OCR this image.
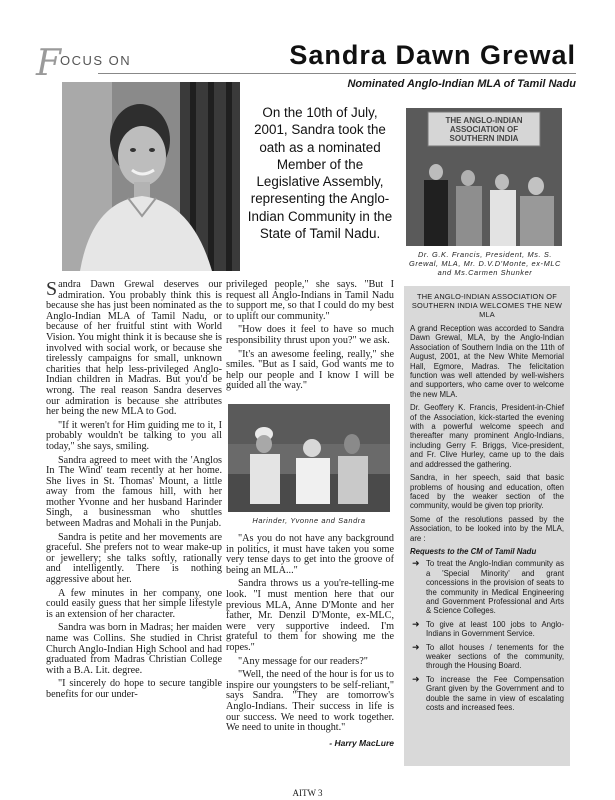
F OCUS ON	Sandra Dawn Grewal
Nominated Anglo-Indian MLA of Tamil Nadu
On the 10th of July, 2001, Sandra took the oath as a nominated Member of the Legislative Assembly, representing the Anglo-Indian Community in the State of Tamil Nadu.
THE ANGLO-INDIAN ASSOCIATION OF SOUTHERN INDIA
Dr. G.K. Francis, President, Ms. S. Grewal, MLA, Mr. D.V.D'Monte, ex-MLC and Ms.Carmen Shunker

Sandra Dawn Grewal deserves our admiration. You probably think this is because she has just been nominated as the Anglo-Indian MLA of Tamil Nadu, or because of her fruitful stint with World Vision. You might think it is because she is involved with social work, or because she tirelessly campaigns for small, unknown charities that help less-privileged Anglo-Indian children in Madras. But you'd be wrong. The real reason Sandra deserves our admiration is because she attributes her being the new MLA to God.

"If it weren't for Him guiding me to it, I probably wouldn't be talking to you all today," she says, smiling.

Sandra agreed to meet with the 'Anglos In The Wind' team recently at her home. She lives in St. Thomas' Mount, a little away from the famous hill, with her mother Yvonne and her husband Harinder Singh, a businessman who shuttles between Madras and Mohali in the Punjab.

Sandra is petite and her movements are graceful. She prefers not to wear make-up or jewellery; she talks softly, rationally and intelligently. There is nothing aggressive about her.

A few minutes in her company, one could easily guess that her simple lifestyle is an extension of her character.

Sandra was born in Madras; her maiden name was Collins. She studied in Christ Church Anglo-Indian High School and had graduated from Madras Christian College with a B.A. Lit. degree.

"I sincerely do hope to secure tangible benefits for our under-

privileged people," she says. "But I request all Anglo-Indians in Tamil Nadu to support me, so that I could do my best to uplift our community."

"How does it feel to have so much responsibility thrust upon you?" we ask.

"It's an awesome feeling, really," she smiles. "But as I said, God wants me to help our people and I know I will be guided all the way."

Harinder, Yvonne and Sandra

"As you do not have any background in politics, it must have taken you some very tense days to get into the groove of being an MLA..."

Sandra throws us a you're-telling-me look. "I must mention here that our previous MLA, Anne D'Monte and her father, Mr. Denzil D'Monte, ex-MLC, were very supportive indeed. I'm grateful to them for showing me the ropes."

"Any message for our readers?"

"Well, the need of the hour is for us to inspire our youngsters to be self-reliant," says Sandra. "They are tomorrow's Anglo-Indians. Their success in life is our success. We need to work together. We need to unite in thought."

- Harry MacLure
THE ANGLO-INDIAN ASSOCIATION OF SOUTHERN INDIA WELCOMES THE NEW MLA

A grand Reception was accorded to Sandra Dawn Grewal, MLA, by the Anglo-Indian Association of Southern India on the 11th of August, 2001, at the New White Memorial Hall, Egmore, Madras. The felicitation function was well attended by well-wishers and supporters, who came over to welcome the new MLA.

Dr. Geoffery K. Francis, President-in-Chief of the Association, kick-started the evening with a powerful welcome speech and thereafter many prominent Anglo-Indians, including Gerry F. Briggs, Vice-president, and Fr. Clive Hurley, came up to the dais and addressed the gathering.

Sandra, in her speech, said that basic problems of housing and education, often faced by the weaker section of the community, would be given top priority.

Some of the resolutions passed by the Association, to be looked into by the MLA, are :

Requests to the CM of Tamil Nadu
➜ To treat the Anglo-Indian community as a 'Special Minority' and grant concessions in the provision of seats to the community in Medical Engineering and Government Professional and Arts & Science Colleges.
➜ To give at least 100 jobs to Anglo-Indians in Government Service.
➜ To allot houses / tenements for the weaker sections of the community, through the Housing Board.
➜ To increase the Fee Compensation Grant given by the Government and to double the same in view of escalating costs and increased fees.
AITW 3
